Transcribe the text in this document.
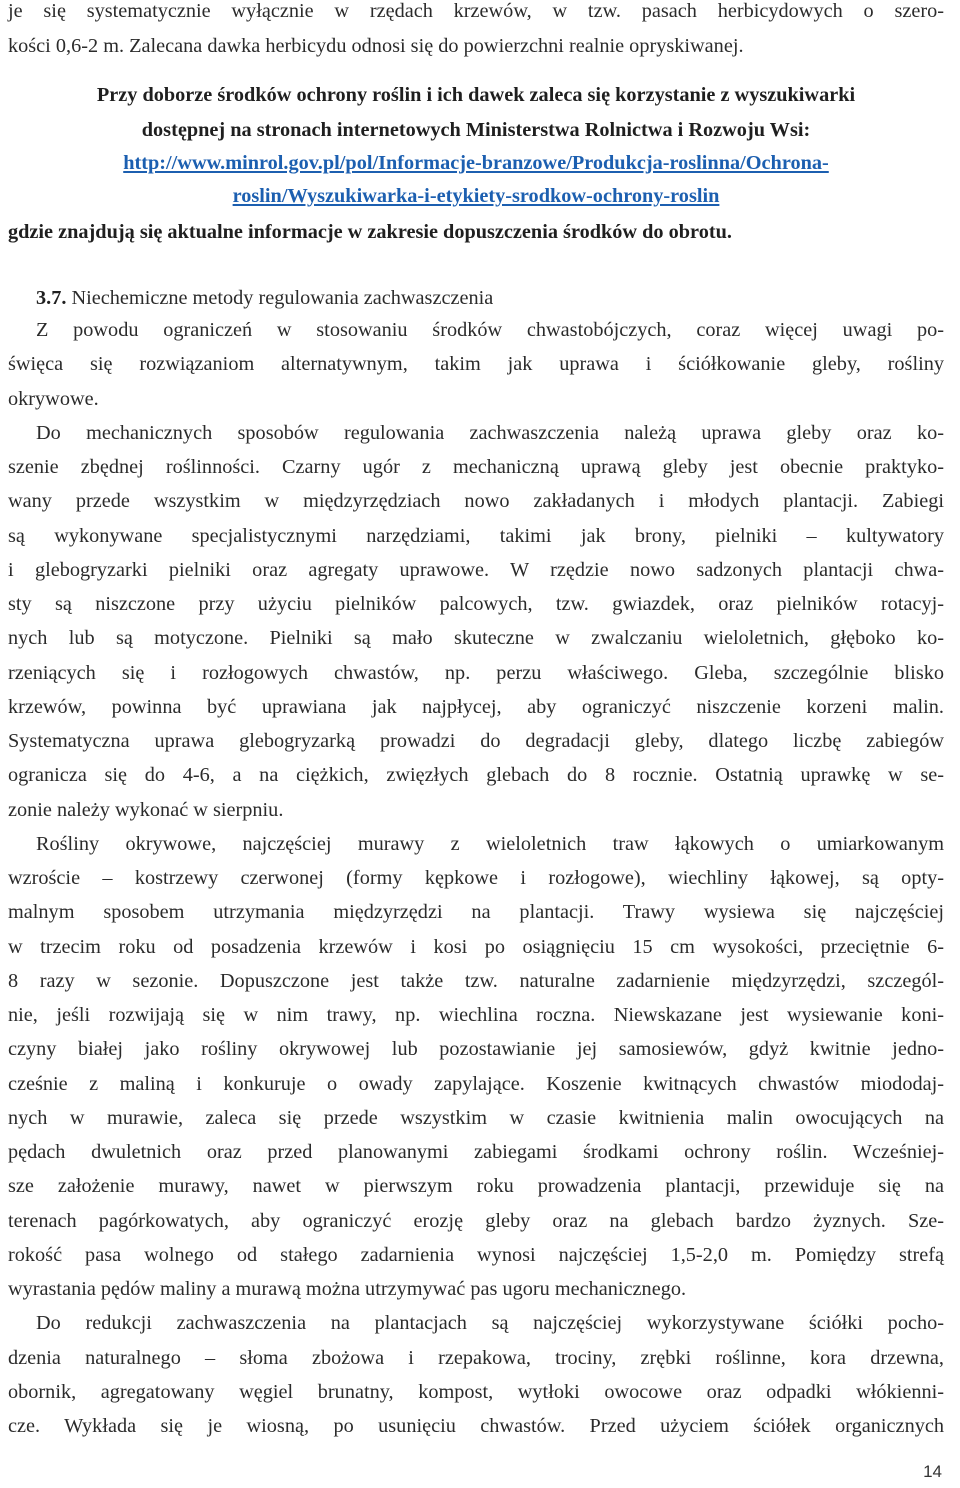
je się systematycznie wyłącznie w rzędach krzewów, w tzw. pasach herbicydowych o szero-
kości 0,6-2 m. Zalecana dawka herbicydu odnosi się do powierzchni realnie opryskiwanej.
Przy doborze środków ochrony roślin i ich dawek zaleca się korzystanie z wyszukiwarki
dostępnej na stronach internetowych Ministerstwa Rolnictwa i Rozwoju Wsi:
http://www.minrol.gov.pl/pol/Informacje-branzowe/Produkcja-roslinna/Ochrona-
roslin/Wyszukiwarka-i-etykiety-srodkow-ochrony-roslin
gdzie znajdują się aktualne informacje w zakresie dopuszczenia środków do obrotu.
3.7. Niechemiczne metody regulowania zachwaszczenia
Z powodu ograniczeń w stosowaniu środków chwastobójczych, coraz więcej uwagi po-
święca się rozwiązaniom alternatywnym, takim jak uprawa i ściółkowanie gleby, rośliny
okrywowe.
Do mechanicznych sposobów regulowania zachwaszczenia należą uprawa gleby oraz ko-
szenie zbędnej roślinności. Czarny ugór z mechaniczną uprawą gleby jest obecnie praktyko-
wany przede wszystkim w międzyrzędziach nowo zakładanych i młodych plantacji. Zabiegi
są wykonywane specjalistycznymi narzędziami, takimi jak brony, pielniki – kultywatory
i glebogryzarki pielniki oraz agregaty uprawowe. W rzędzie nowo sadzonych plantacji chwa-
sty są niszczone przy użyciu pielników palcowych, tzw. gwiazdek, oraz pielników rotacyj-
nych lub są motyczone. Pielniki są mało skuteczne w zwalczaniu wieloletnich, głęboko ko-
rzeniących się i rozłogowych chwastów, np. perzu właściwego. Gleba, szczególnie blisko
krzewów, powinna być uprawiana jak najpłycej, aby ograniczyć niszczenie korzeni malin.
Systematyczna uprawa glebogryzarką prowadzi do degradacji gleby, dlatego liczbę zabiegów
ogranicza się do 4-6, a na ciężkich, zwięzłych glebach do 8 rocznie. Ostatnią uprawkę w se-
zonie należy wykonać w sierpniu.
Rośliny okrywowe, najczęściej murawy z wieloletnich traw łąkowych o umiarkowanym
wzroście – kostrzewy czerwonej (formy kępkowe i rozłogowe), wiechliny łąkowej, są opty-
malnym sposobem utrzymania międzyrzędzi na plantacji. Trawy wysiewa się najczęściej
w trzecim roku od posadzenia krzewów i kosi po osiągnięciu 15 cm wysokości, przeciętnie 6-
8 razy w sezonie. Dopuszczone jest także tzw. naturalne zadarnienie międzyrzędzi, szczegól-
nie, jeśli rozwijają się w nim trawy, np. wiechlina roczna. Niewskazane jest wysiewanie koni-
czyny białej jako rośliny okrywowej lub pozostawianie jej samosiewów, gdyż kwitnie jedno-
cześnie z maliną i konkuruje o owady zapylające. Koszenie kwitnących chwastów miododaj-
nych w murawie, zaleca się przede wszystkim w czasie kwitnienia malin owocujących na
pędach dwuletnich oraz przed planowanymi zabiegami środkami ochrony roślin. Wcześniej-
sze założenie murawy, nawet w pierwszym roku prowadzenia plantacji, przewiduje się na
terenach pagórkowatych, aby ograniczyć erozję gleby oraz na glebach bardzo żyznych. Sze-
rokość pasa wolnego od stałego zadarnienia wynosi najczęściej 1,5-2,0 m. Pomiędzy strefą
wyrastania pędów maliny a murawą można utrzymywać pas ugoru mechanicznego.
Do redukcji zachwaszczenia na plantacjach są najczęściej wykorzystywane ściółki pocho-
dzenia naturalnego – słoma zbożowa i rzepakowa, trociny, zrębki roślinne, kora drzewna,
obornik, agregatowany węgiel brunatny, kompost, wytłoki owocowe oraz odpadki włókienni-
cze. Wykłada się je wiosną, po usunięciu chwastów. Przed użyciem ściółek organicznych
14
